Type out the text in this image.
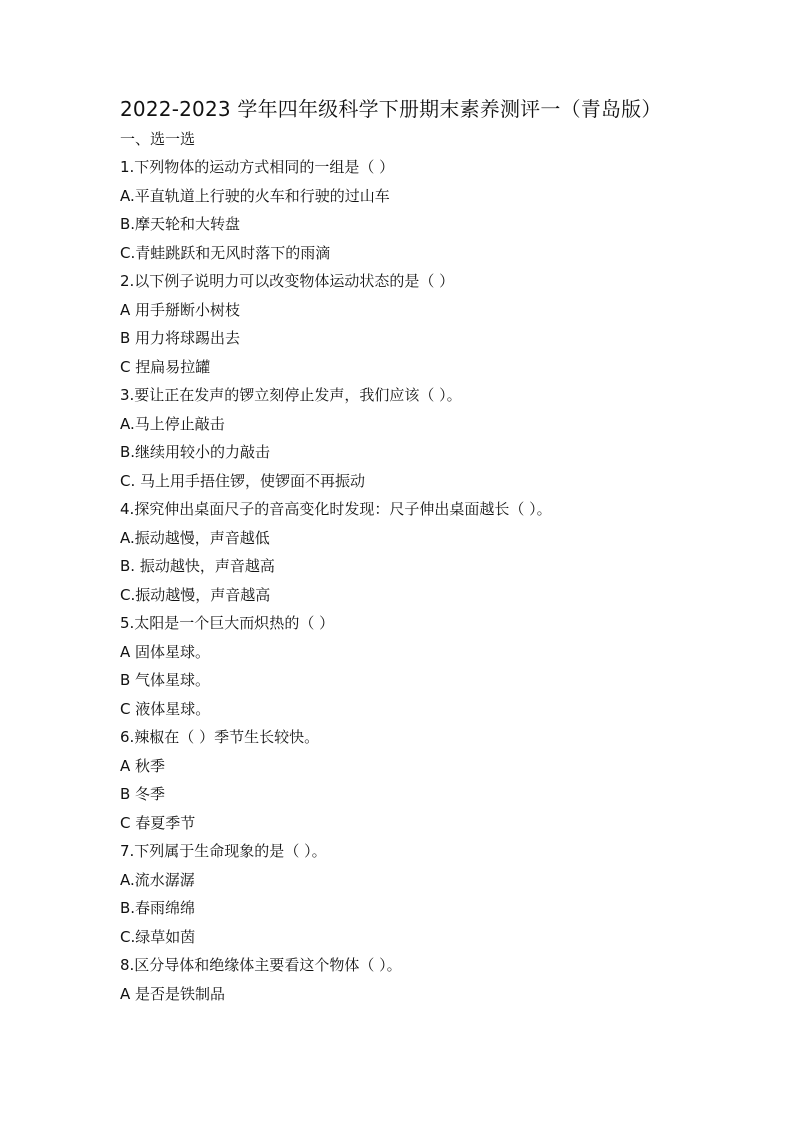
2022-2023 学年四年级科学下册期末素养测评一（青岛版）
一、选一选
1.下列物体的运动方式相同的一组是（ ）
A.平直轨道上行驶的火车和行驶的过山车
B.摩天轮和大转盘
C.青蛙跳跃和无风时落下的雨滴
2.以下例子说明力可以改变物体运动状态的是（ ）
A 用手掰断小树枝
B 用力将球踢出去
C 捏扁易拉罐
3.要让正在发声的锣立刻停止发声，我们应该（ ）。
A.马上停止敲击
B.继续用较小的力敲击
C. 马上用手捂住锣，使锣面不再振动
4.探究伸出桌面尺子的音高变化时发现：尺子伸出桌面越长（ ）。
A.振动越慢，声音越低
B. 振动越快，声音越高
C.振动越慢，声音越高
5.太阳是一个巨大而炽热的（ ）
A 固体星球。
B 气体星球。
C 液体星球。
6.辣椒在（ ）季节生长较快。
A 秋季
B 冬季
C 春夏季节
7.下列属于生命现象的是（ ）。
A.流水潺潺
B.春雨绵绵
C.绿草如茵
8.区分导体和绝缘体主要看这个物体（ ）。
A 是否是铁制品
